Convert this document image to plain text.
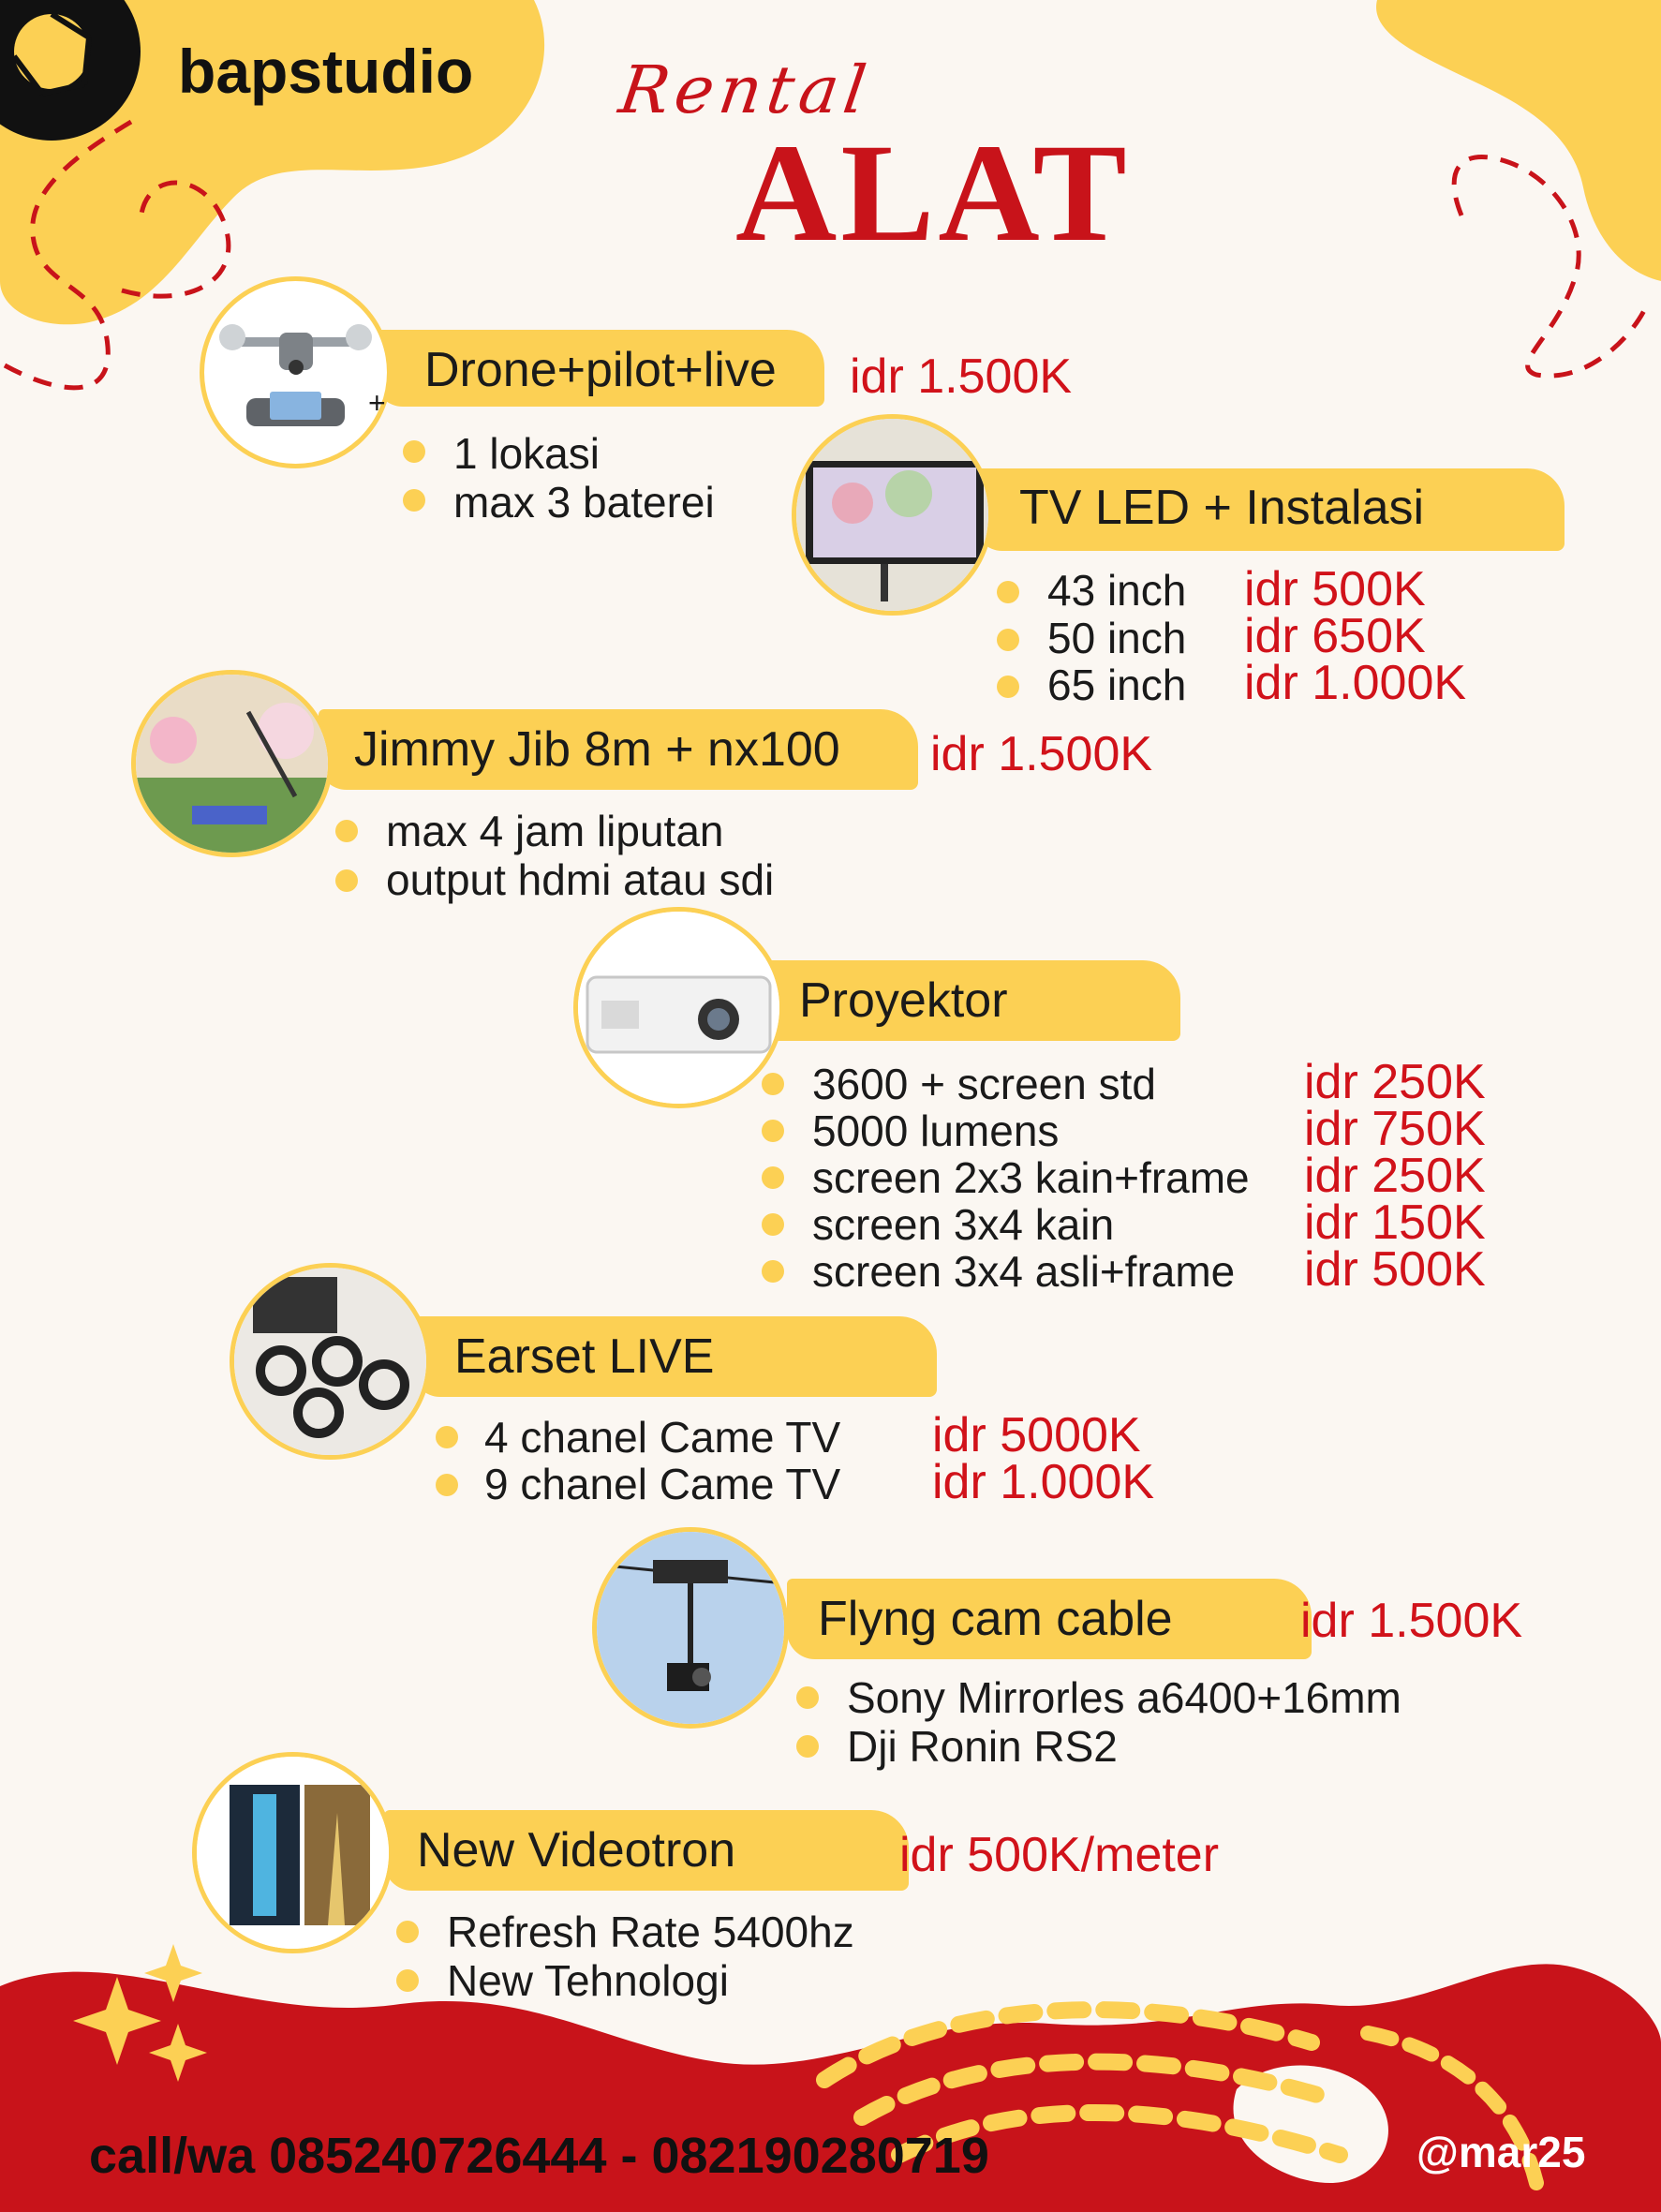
bapstudio Rental
ALAT
Drone+pilot+live
+	idr 1.500K
1 lokasi
max 3 baterei	TV LED + Instalasi
43 inch idr 500K
50 inch idr 650K
65 inch idr 1.000K
Jimmy Jib 8m + nx100 idr 1.500K
max 4 jam liputan
output hdmi atau sdi
Proyektor
3600 + screen std	idr 250K
5000 lumens	idr 750K
screen 2x3 kain+frame idr 250K
screen 3x4 kain	idr 150K
screen 3x4 asli+frame idr 500K
Earset LIVE
4 chanel Came TV idr 5000K
9 chanel Came TV idr 1.000K
Flyng cam cable	idr 1.500K
Sony Mirrorles a6400+16mm
Dji Ronin RS2
New Videotron	idr 500K/meter
Refresh Rate 5400hz
New Tehnologi
call/wa 085240726444 - 082190280719	@mar25
